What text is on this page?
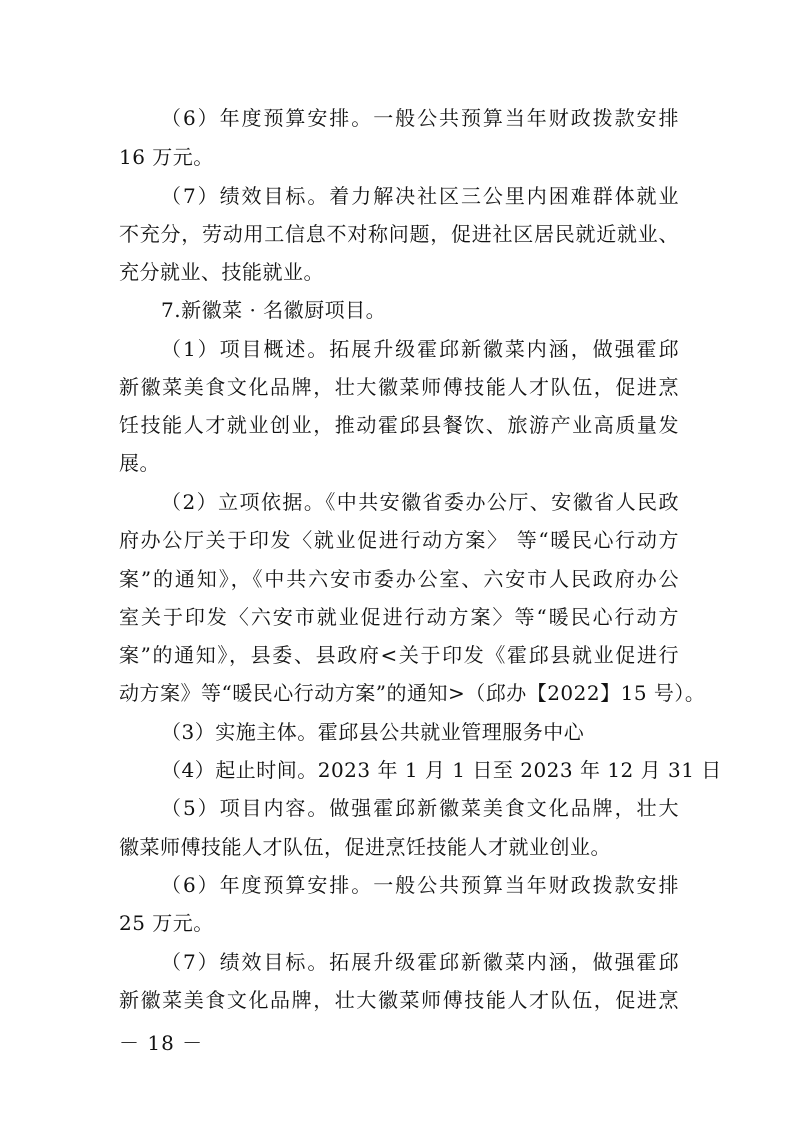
（6）年度预算安排。一般公共预算当年财政拨款安排
16 万元。
（7）绩效目标。着力解决社区三公里内困难群体就业
不充分，劳动用工信息不对称问题，促进社区居民就近就业、
充分就业、技能就业。
7.新徽菜 · 名徽厨项目。
（1）项目概述。拓展升级霍邱新徽菜内涵，做强霍邱
新徽菜美食文化品牌，壮大徽菜师傅技能人才队伍，促进烹
饪技能人才就业创业，推动霍邱县餐饮、旅游产业高质量发
展。
（2）立项依据。《中共安徽省委办公厅、安徽省人民政
府办公厅关于印发〈就业促进行动方案〉 等“暖民心行动方
案”的通知》，《中共六安市委办公室、六安市人民政府办公
室关于印发〈六安市就业促进行动方案〉等“暖民心行动方
案”的通知》，县委、县政府<关于印发《霍邱县就业促进行
动方案》等“暖民心行动方案”的通知>（邱办【2022】15 号）。
（3）实施主体。霍邱县公共就业管理服务中心
（4）起止时间。2023 年 1 月 1 日至 2023 年 12 月 31 日
（5）项目内容。做强霍邱新徽菜美食文化品牌，壮大
徽菜师傅技能人才队伍，促进烹饪技能人才就业创业。
（6）年度预算安排。一般公共预算当年财政拨款安排
25 万元。
（7）绩效目标。拓展升级霍邱新徽菜内涵，做强霍邱
新徽菜美食文化品牌，壮大徽菜师傅技能人才队伍，促进烹
－ 18 －
